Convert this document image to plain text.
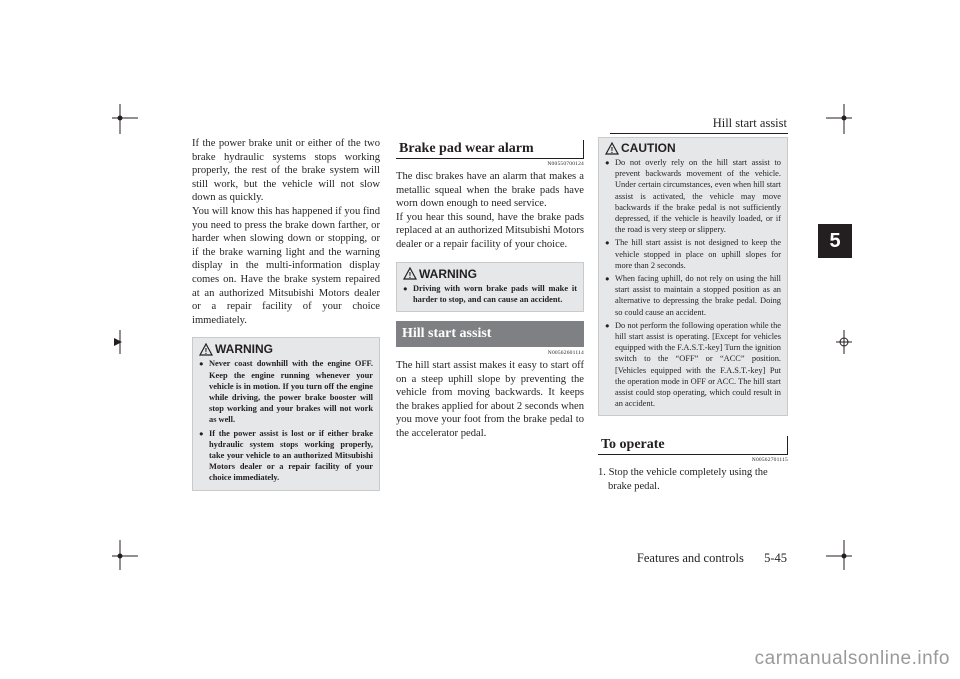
Hill start assist
5

If the power brake unit or either of the two brake hydraulic systems stops working properly, the rest of the brake system will still work, but the vehicle will not slow down as quickly.

You will know this has happened if you find you need to press the brake down farther, or harder when slowing down or stopping, or if the brake warning light and the warning display in the multi-information display comes on. Have the brake system repaired at an authorized Mitsubishi Motors dealer or a repair facility of your choice immediately.

! WARNING
● Never coast downhill with the engine OFF. Keep the engine running whenever your vehicle is in motion. If you turn off the engine while driving, the power brake booster will stop working and your brakes will not work as well.
● If the power assist is lost or if either brake hydraulic system stops working properly, take your vehicle to an authorized Mitsubishi Motors dealer or a repair facility of your choice immediately.
Brake pad wear alarm
N00550700124

The disc brakes have an alarm that makes a metallic squeal when the brake pads have worn down enough to need service.

If you hear this sound, have the brake pads replaced at an authorized Mitsubishi Motors dealer or a repair facility of your choice.

! WARNING
● Driving with worn brake pads will make it harder to stop, and can cause an accident.
Hill start assist
N00562601114

The hill start assist makes it easy to start off on a steep uphill slope by preventing the vehicle from moving backwards. It keeps the brakes applied for about 2 seconds when you move your foot from the brake pedal to the accelerator pedal.

! CAUTION
● Do not overly rely on the hill start assist to prevent backwards movement of the vehicle. Under certain circumstances, even when hill start assist is activated, the vehicle may move backwards if the brake pedal is not sufficiently depressed, if the vehicle is heavily loaded, or if the road is very steep or slippery.
● The hill start assist is not designed to keep the vehicle stopped in place on uphill slopes for more than 2 seconds.
● When facing uphill, do not rely on using the hill start assist to maintain a stopped position as an alternative to depressing the brake pedal. Doing so could cause an accident.
● Do not perform the following operation while the hill start assist is operating. [Except for vehicles equipped with the F.A.S.T.-key] Turn the ignition switch to the “OFF” or “ACC” position. [Vehicles equipped with the F.A.S.T.-key] Put the operation mode in OFF or ACC. The hill start assist could stop operating, which could result in an accident.
To operate
N00562701115

1. Stop the vehicle completely using the brake pedal.

Features and controls 5-45
carmanualsonline.info
